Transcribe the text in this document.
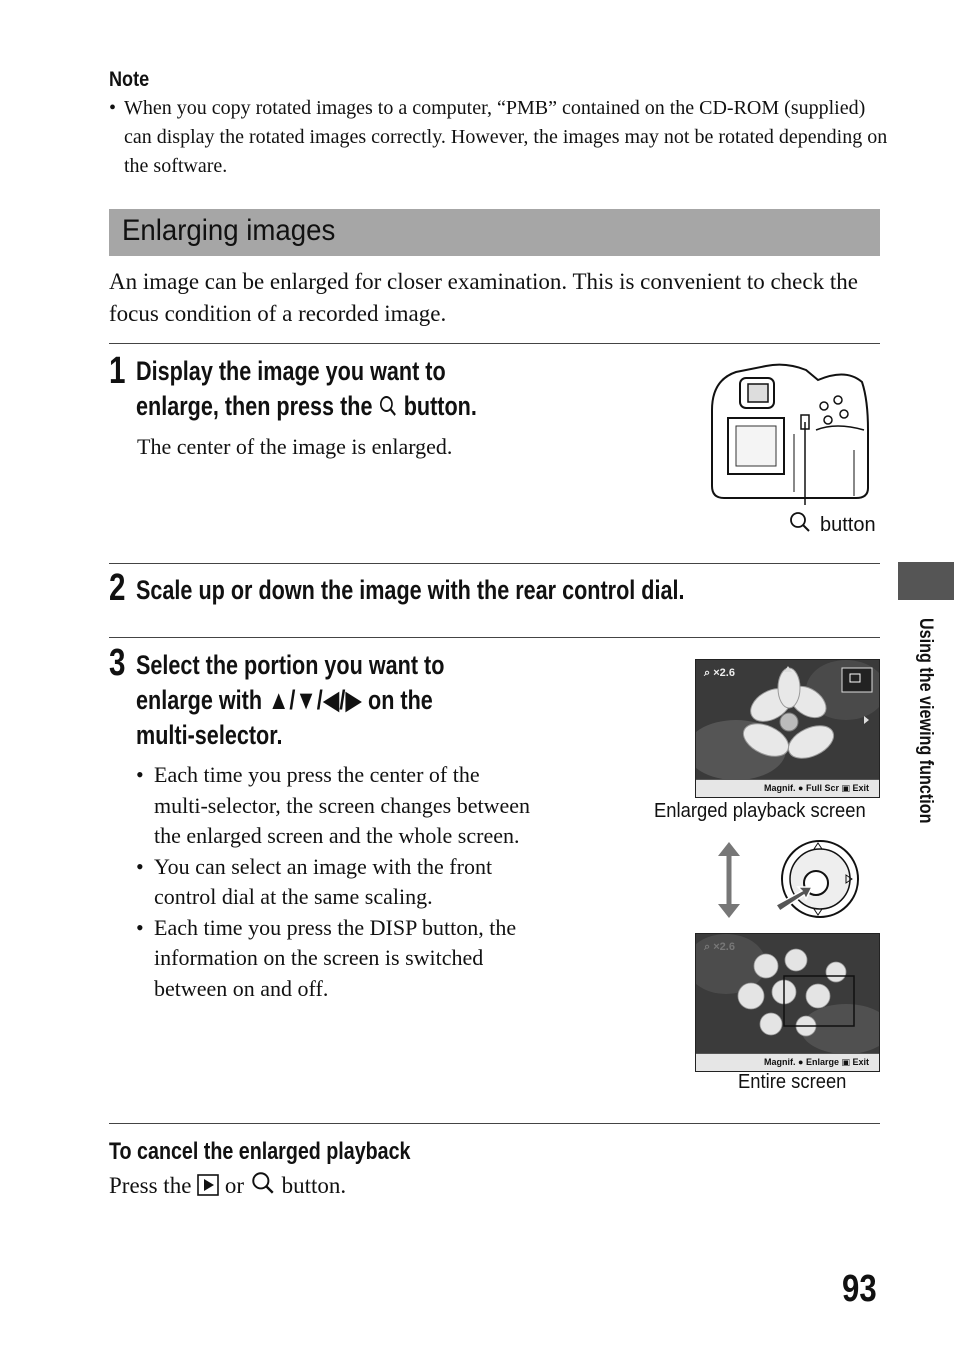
Note
• When you copy rotated images to a computer, “PMB” contained on the CD-ROM (supplied) can display the rotated images correctly. However, the images may not be rotated depending on the software.
Enlarging images
An image can be enlarged for closer examination. This is convenient to check the focus condition of a recorded image.
1 Display the image you want to
enlarge, then press the button.
The center of the image is enlarged.
button
2 Scale up or down the image with the rear control dial.
3 Select the portion you want to
enlarge with ▲/▼/◀/▶ on the
multi-selector.
• Each time you press the center of the multi-selector, the screen changes between the enlarged screen and the whole screen.
• You can select an image with the front control dial at the same scaling.
• Each time you press the DISP button, the information on the screen is switched between on and off.
⌕ ×2.6
Magnif. ● Full Scr ▣ Exit
Enlarged playback screen
⌕ ×2.6
Magnif. ● Enlarge ▣ Exit
Entire screen
To cancel the enlarged playback
Press the or button.
Using the viewing function
93
